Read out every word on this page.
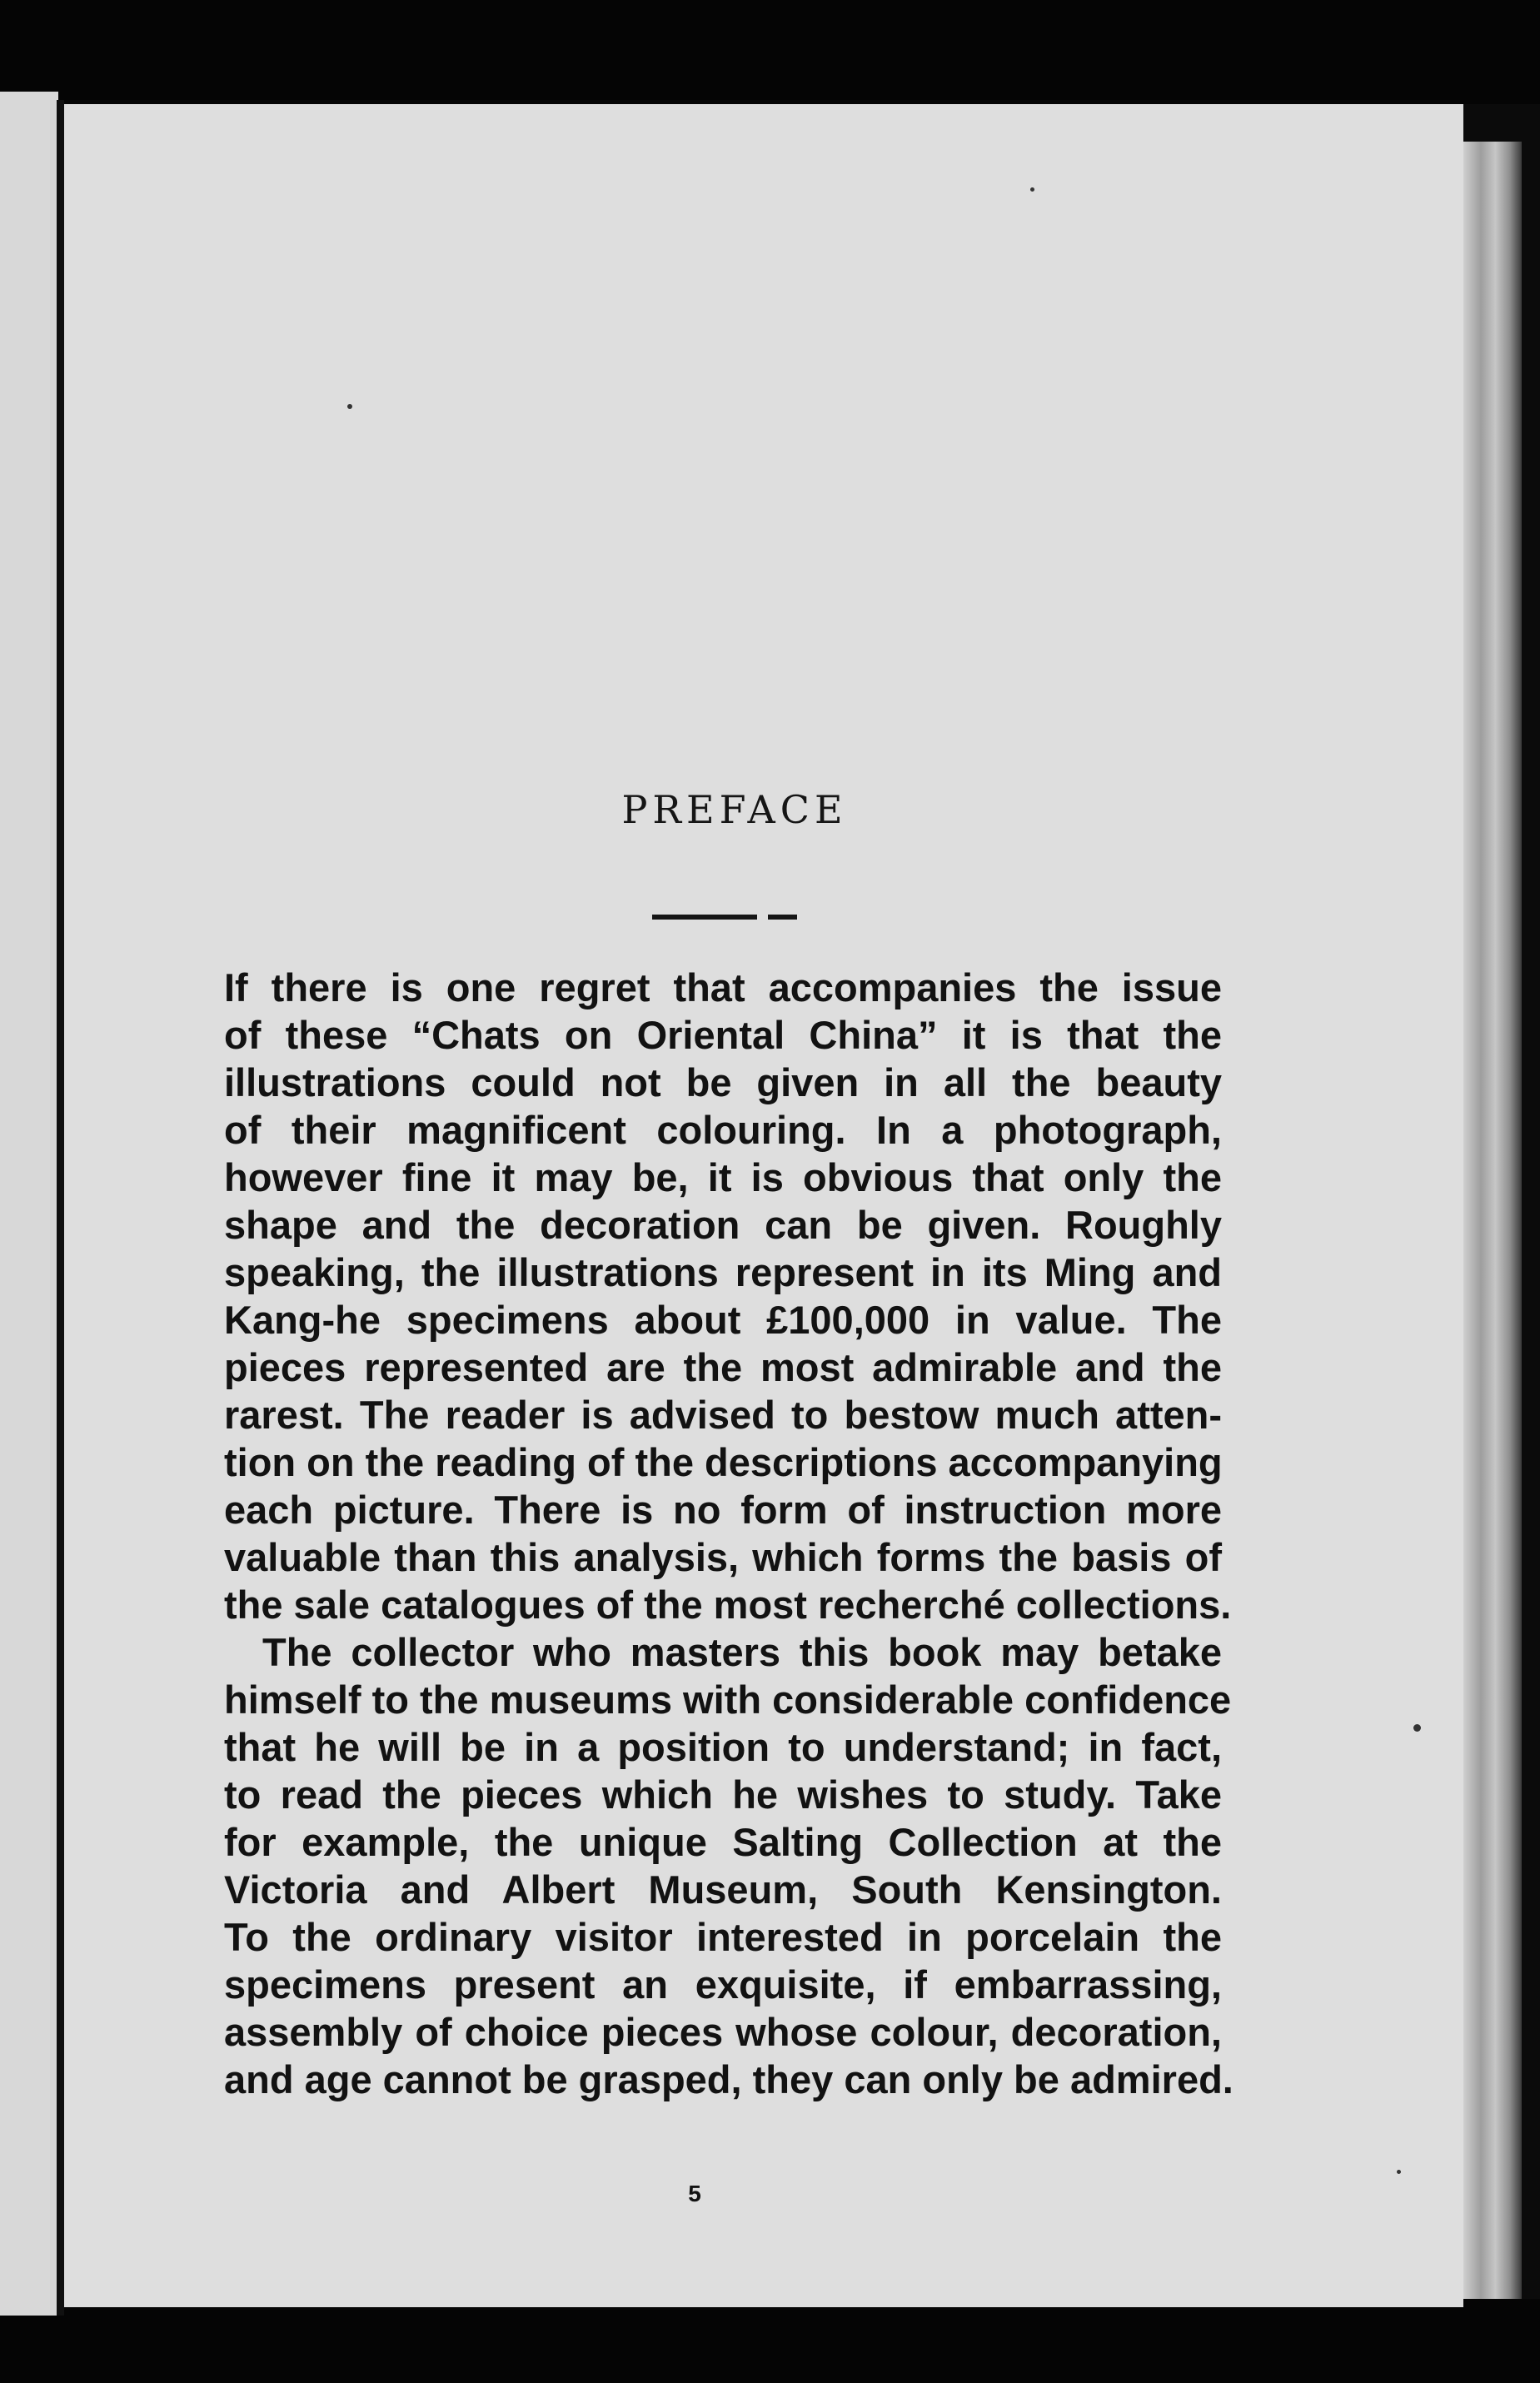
PREFACE
If there is one regret that accompanies the issue
of these “Chats on Oriental China” it is that the
illustrations could not be given in all the beauty
of their magnificent colouring. In a photograph,
however fine it may be, it is obvious that only the
shape and the decoration can be given. Roughly
speaking, the illustrations represent in its Ming and
Kang-he specimens about £100,000 in value. The
pieces represented are the most admirable and the
rarest. The reader is advised to bestow much atten-
tion on the reading of the descriptions accompanying
each picture. There is no form of instruction more
valuable than this analysis, which forms the basis of
the sale catalogues of the most recherché collections.
The collector who masters this book may betake
himself to the museums with considerable confidence
that he will be in a position to understand; in fact,
to read the pieces which he wishes to study. Take
for example, the unique Salting Collection at the
Victoria and Albert Museum, South Kensington.
To the ordinary visitor interested in porcelain the
specimens present an exquisite, if embarrassing,
assembly of choice pieces whose colour, decoration,
and age cannot be grasped, they can only be admired.
5
